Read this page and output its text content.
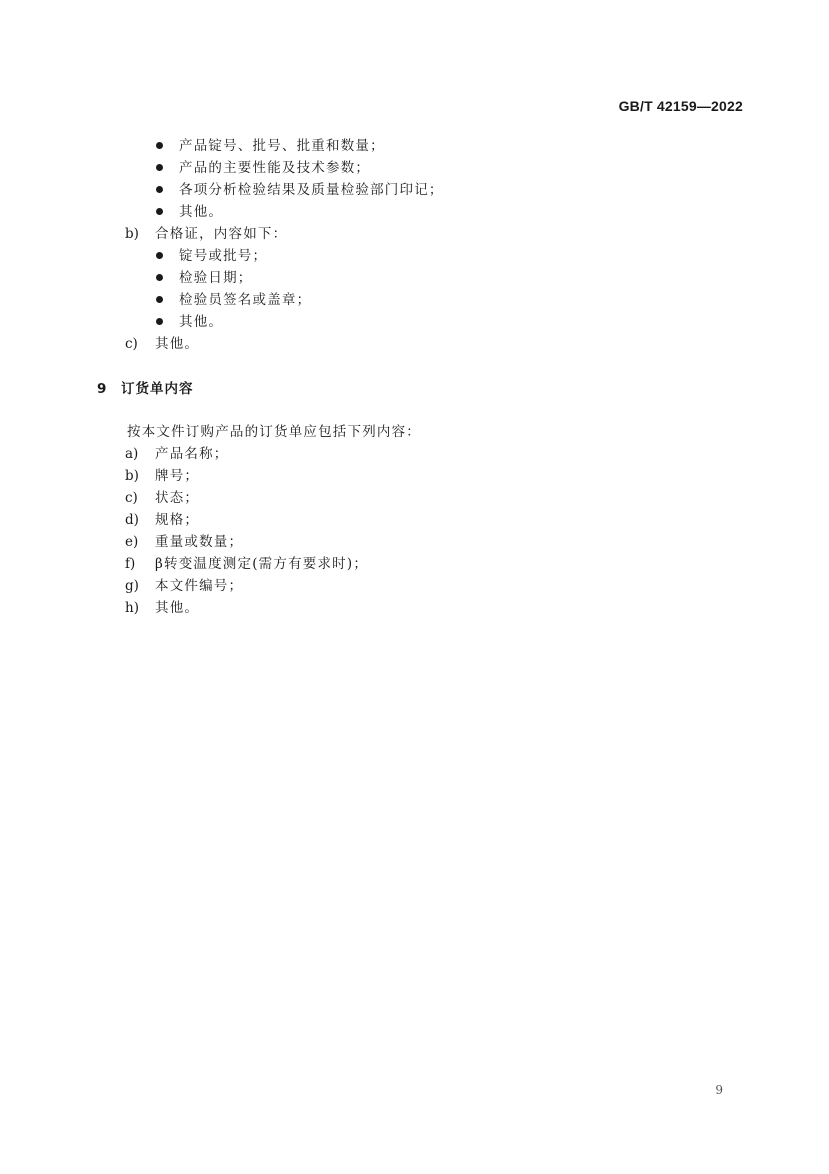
GB/T 42159—2022
产品锭号、批号、批重和数量；
产品的主要性能及技术参数；
各项分析检验结果及质量检验部门印记；
其他。
b) 合格证，内容如下：
锭号或批号；
检验日期；
检验员签名或盖章；
其他。
c) 其他。
9 订货单内容
按本文件订购产品的订货单应包括下列内容：
a) 产品名称；
b) 牌号；
c) 状态；
d) 规格；
e) 重量或数量；
f) β转变温度测定(需方有要求时)；
g) 本文件编号；
h) 其他。
9
